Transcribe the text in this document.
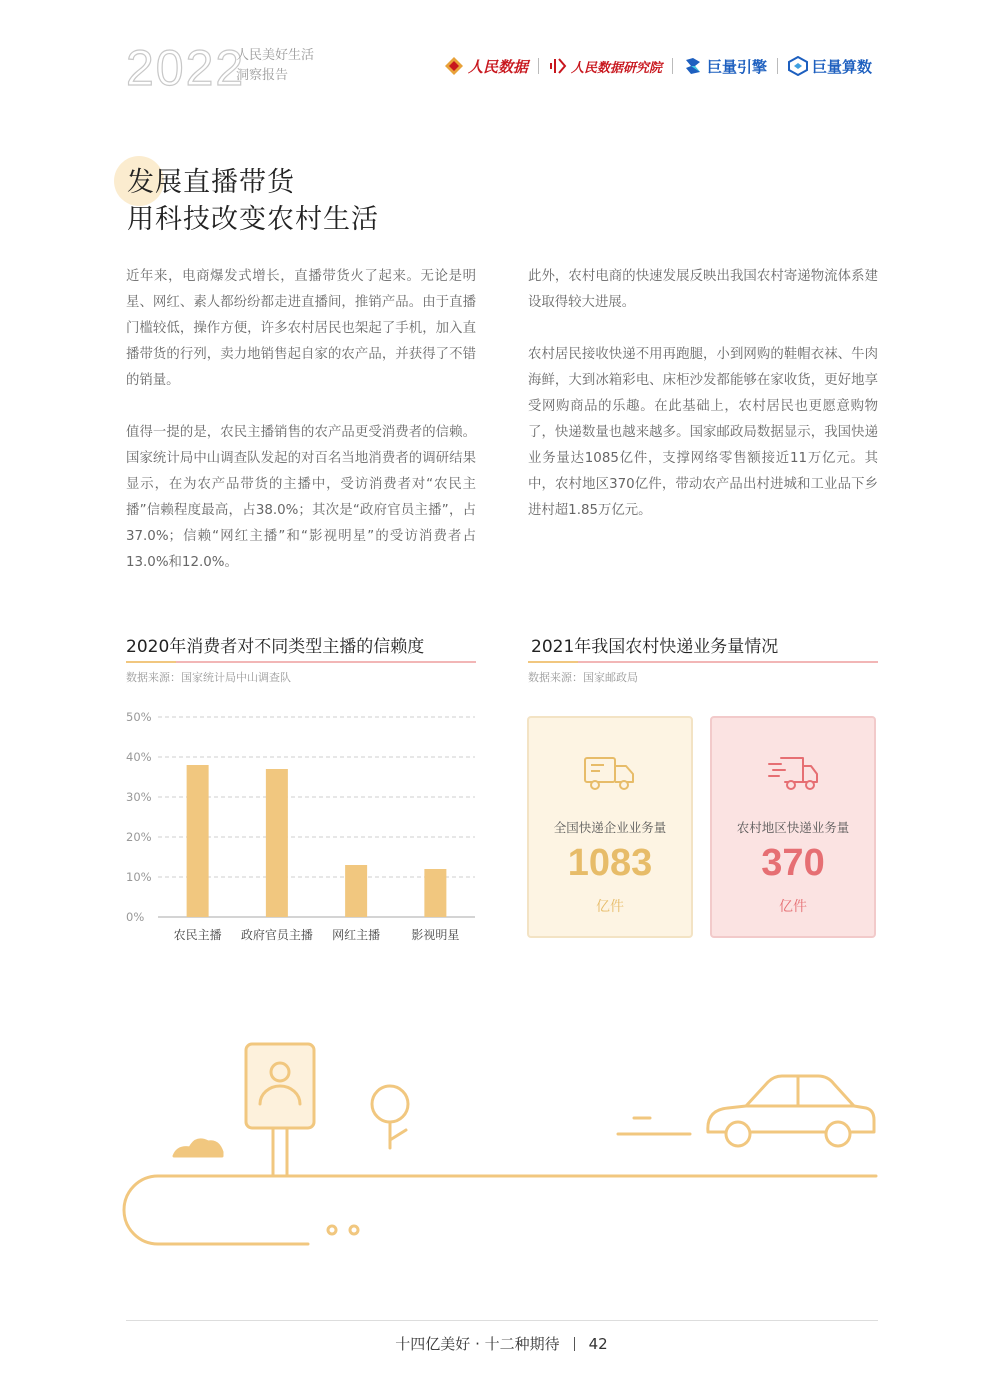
2022
人民美好生活
洞察报告	人民数据	人民数据研究院	巨量引擎	巨量算数
发展直播带货
用科技改变农村生活
近年来，电商爆发式增长，直播带货火了起来。无论是明星、网红、素人都纷纷都走进直播间，推销产品。由于直播门槛较低，操作方便，许多农村居民也架起了手机，加入直播带货的行列，卖力地销售起自家的农产品，并获得了不错的销量。
值得一提的是，农民主播销售的农产品更受消费者的信赖。国家统计局中山调查队发起的对百名当地消费者的调研结果显示，在为农产品带货的主播中，受访消费者对“农民主播”信赖程度最高，占38.0%；其次是“政府官员主播”，占37.0%；信赖“网红主播”和“影视明星”的受访消费者占13.0%和12.0%。
此外，农村电商的快速发展反映出我国农村寄递物流体系建设取得较大进展。
农村居民接收快递不用再跑腿，小到网购的鞋帽衣袜、牛肉海鲜，大到冰箱彩电、床柜沙发都能够在家收货，更好地享受网购商品的乐趣。在此基础上，农村居民也更愿意购物了，快递数量也越来越多。国家邮政局数据显示，我国快递业务量达1085亿件，支撑网络零售额接近11万亿元。其中，农村地区370亿件，带动农产品出村进城和工业品下乡进村超1.85万亿元。
2020年消费者对不同类型主播的信赖度
数据来源：国家统计局中山调查队
0%
10%
20%
30%
40%
50%
农民主播 政府官员主播 网红主播	影视明星
2021年我国农村快递业务量情况
数据来源：国家邮政局
全国快递企业业务量
1083
亿件
农村地区快递业务量
370
亿件
十四亿美好 · 十二种期待 42
